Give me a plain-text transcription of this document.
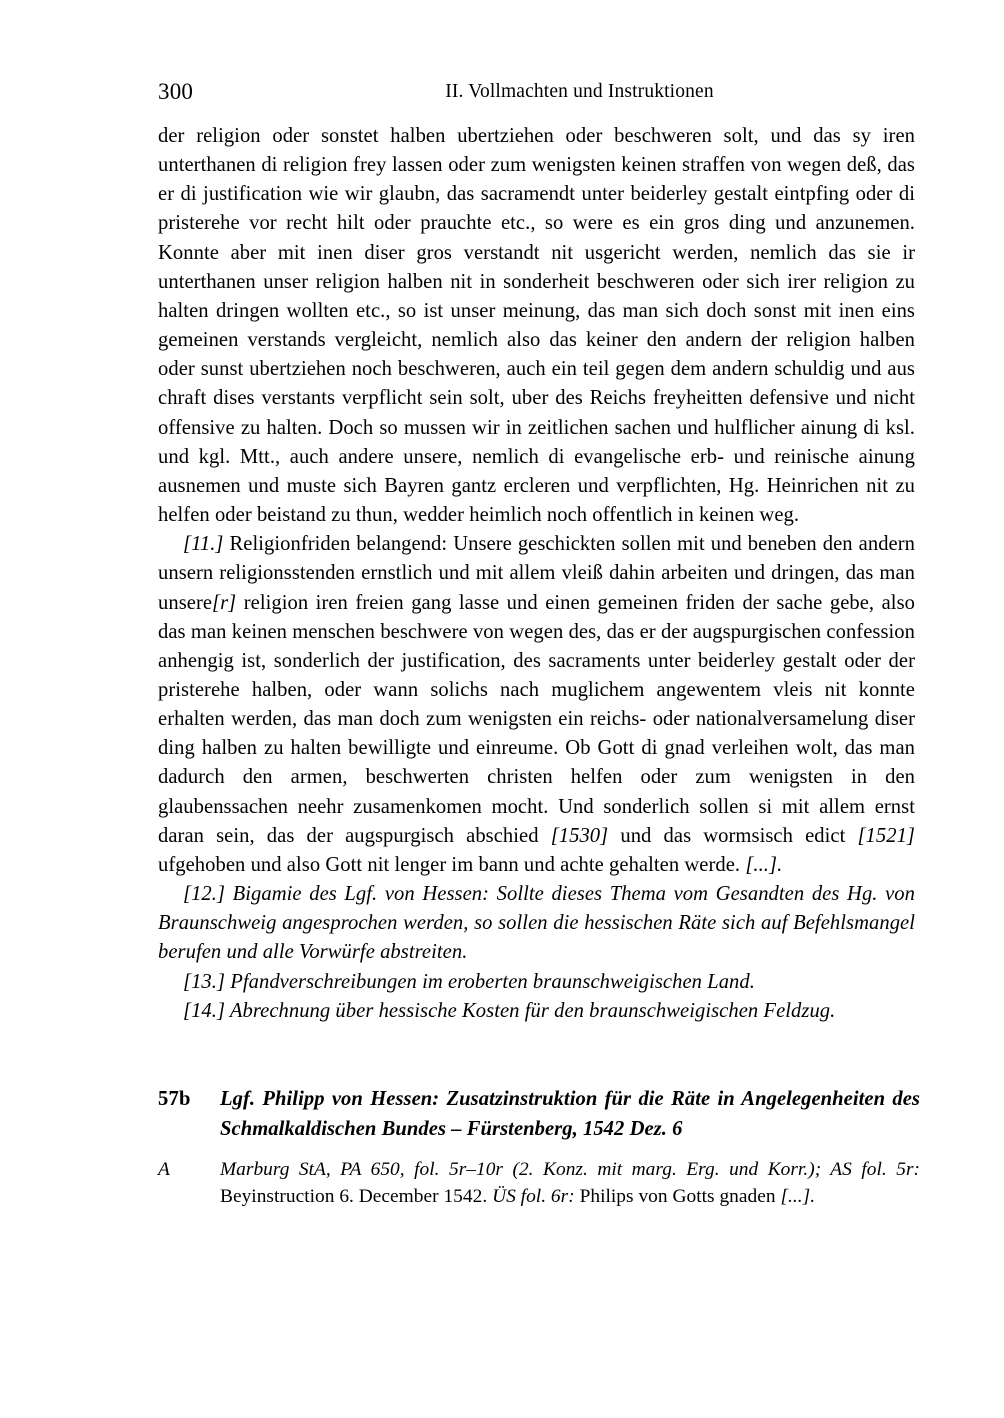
300	II. Vollmachten und Instruktionen

der religion oder sonstet halben ubertziehen oder beschweren solt, und das sy iren unterthanen di religion frey lassen oder zum wenigsten keinen straffen von wegen deß, das er di justification wie wir glaubn, das sacramendt unter beiderley gestalt eintpfing oder di pristerehe vor recht hilt oder prauchte etc., so were es ein gros ding und anzunemen. Konnte aber mit inen diser gros verstandt nit usgericht werden, nemlich das sie ir unterthanen unser religion halben nit in sonderheit beschweren oder sich irer religion zu halten dringen wollten etc., so ist unser meinung, das man sich doch sonst mit inen eins gemeinen verstands vergleicht, nemlich also das keiner den andern der religion halben oder sunst ubertziehen noch beschweren, auch ein teil gegen dem andern schuldig und aus chraft dises verstants verpflicht sein solt, uber des Reichs freyheitten defensive und nicht offensive zu halten. Doch so mussen wir in zeitlichen sachen und hulflicher ainung di ksl. und kgl. Mtt., auch andere unsere, nemlich di evangelische erb- und reinische ainung ausnemen und muste sich Bayren gantz ercleren und verpflichten, Hg. Heinrichen nit zu helfen oder beistand zu thun, wedder heimlich noch offentlich in keinen weg.

[11.] Religionfriden belangend: Unsere geschickten sollen mit und beneben den andern unsern religionsstenden ernstlich und mit allem vleiß dahin arbeiten und dringen, das man unsere[r] religion iren freien gang lasse und einen gemeinen friden der sache gebe, also das man keinen menschen beschwere von wegen des, das er der augspurgischen confession anhengig ist, sonderlich der justification, des sacraments unter beiderley gestalt oder der pristerehe halben, oder wann solichs nach muglichem angewentem vleis nit konnte erhalten werden, das man doch zum wenigsten ein reichs- oder nationalversamelung diser ding halben zu halten bewilligte und einreume. Ob Gott di gnad verleihen wolt, das man dadurch den armen, beschwerten christen helfen oder zum wenigsten in den glaubenssachen neehr zusamenkomen mocht. Und sonderlich sollen si mit allem ernst daran sein, das der augspurgisch abschied [1530] und das wormsisch edict [1521] ufgehoben und also Gott nit lenger im bann und achte gehalten werde. [...].

[12.] Bigamie des Lgf. von Hessen: Sollte dieses Thema vom Gesandten des Hg. von Braunschweig angesprochen werden, so sollen die hessischen Räte sich auf Befehlsmangel berufen und alle Vorwürfe abstreiten.

[13.] Pfandverschreibungen im eroberten braunschweigischen Land.

[14.] Abrechnung über hessische Kosten für den braunschweigischen Feldzug.

57b Lgf. Philipp von Hessen: Zusatzinstruktion für die Räte in Angelegenheiten des Schmalkaldischen Bundes – Fürstenberg, 1542 Dez. 6
A	Marburg StA, PA 650, fol. 5r–10r (2. Konz. mit marg. Erg. und Korr.); AS fol. 5r: Beyinstruction 6. December 1542. ÜS fol. 6r: Philips von Gotts gnaden [...].
